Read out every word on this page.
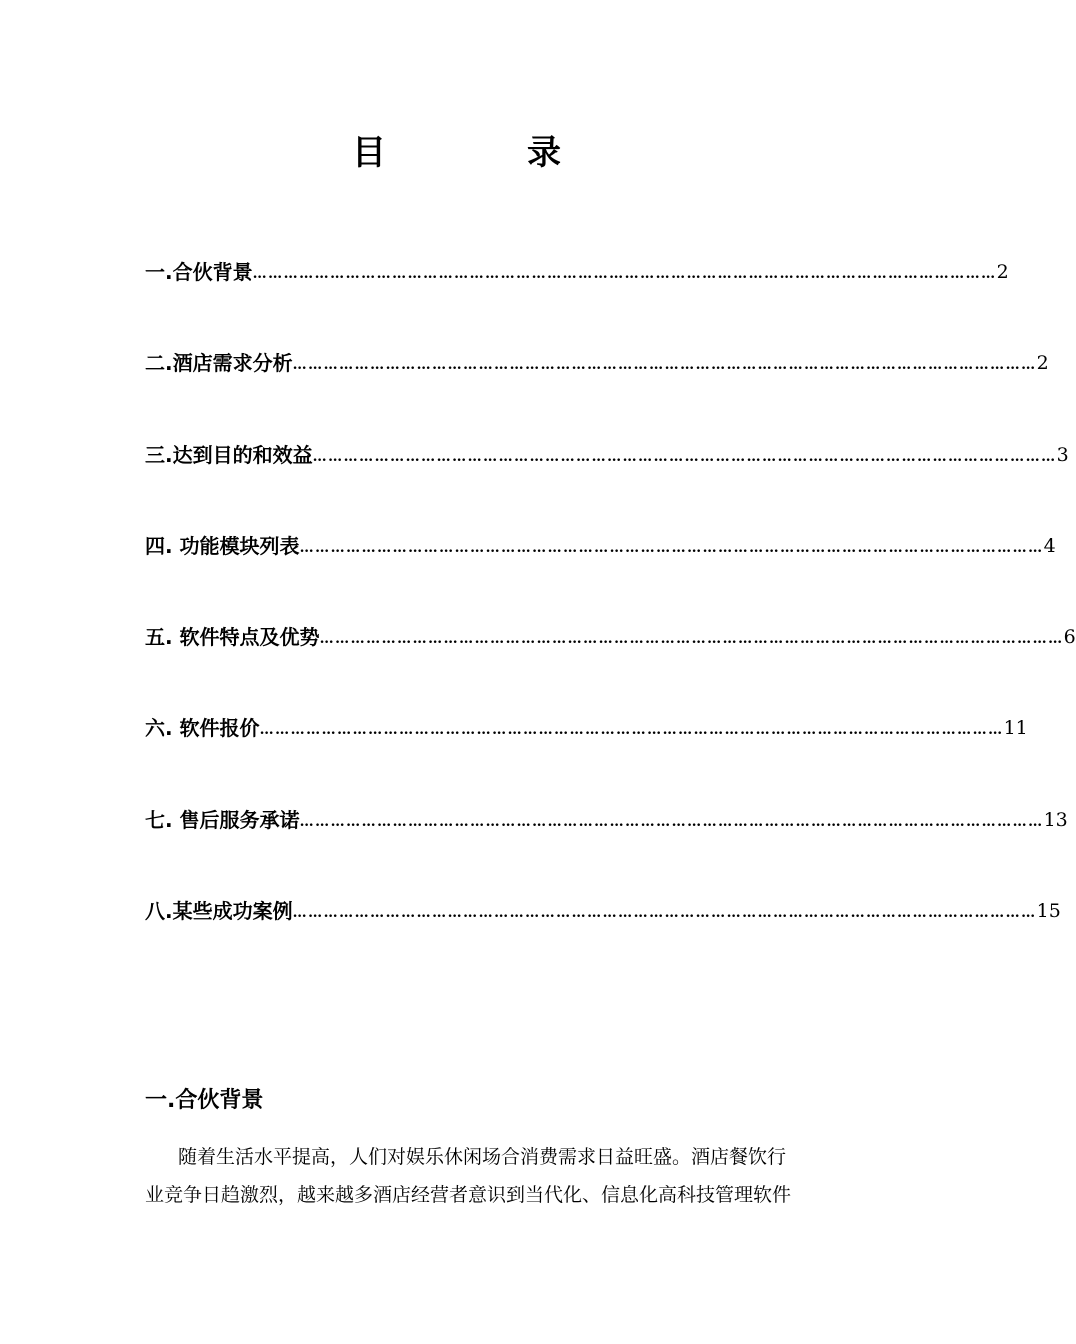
目	录
一.合伙背景 ……………………………………………………………………………………………………………………………… 2
二.酒店需求分析 ……………………………………………………………………………………………………………………………… 2
三.达到目的和效益 ……………………………………………………………………………………………………………………………… 3
四. 功能模块列表 ……………………………………………………………………………………………………………………………… 4
五. 软件特点及优势 ……………………………………………………………………………………………………………………………… 6
六. 软件报价 ……………………………………………………………………………………………………………………………… 11
七. 售后服务承诺 ……………………………………………………………………………………………………………………………… 13
八.某些成功案例 ……………………………………………………………………………………………………………………………… 15
一.合伙背景
随着生活水平提高，人们对娱乐休闲场合消费需求日益旺盛。酒店餐饮行
业竞争日趋激烈，越来越多酒店经营者意识到当代化、信息化高科技管理软件
